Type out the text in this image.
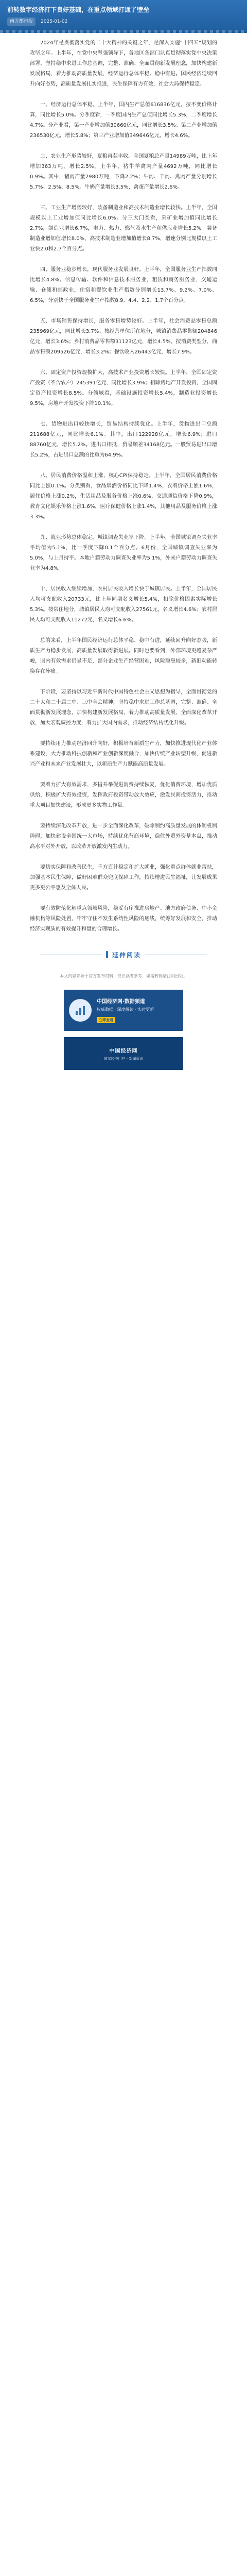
前转数字经济打下良好基础，在重点领域打通了壁垒
南方都市报	2025-01-02

2024年是贯彻落实党的二十大精神的关键之年，是深入实施“十四五”规划的攻坚之年。上半年，在党中央坚强领导下，各地区各部门认真贯彻落实党中央决策部署，坚持稳中求进工作总基调，完整、准确、全面贯彻新发展理念，加快构建新发展格局，着力推动高质量发展，经济运行总体平稳、稳中有进。国民经济延续回升向好态势，高质量发展扎实推进，民生保障有力有效，社会大局保持稳定。

一、经济运行总体平稳。上半年，国内生产总值616836亿元，按不变价格计算，同比增长5.0%。分季度看，一季度国内生产总值同比增长5.3%，二季度增长4.7%。分产业看，第一产业增加值30660亿元，同比增长3.5%；第二产业增加值236530亿元，增长5.8%；第三产业增加值349646亿元，增长4.6%。

二、农业生产形势较好，夏粮再获丰收。全国夏粮总产量14989万吨，比上年增加363万吨，增长2.5%。上半年，猪牛羊禽肉产量4692万吨，同比增长0.9%。其中，猪肉产量2980万吨，下降2.2%；牛肉、羊肉、禽肉产量分别增长5.7%、2.5%、8.5%。牛奶产量增长3.5%，禽蛋产量增长2.6%。

三、工业生产增势较好，装备制造业和高技术制造业增长较快。上半年，全国规模以上工业增加值同比增长6.0%。分三大门类看，采矿业增加值同比增长2.7%，制造业增长6.7%，电力、热力、燃气及水生产和供应业增长5.2%。装备制造业增加值增长8.0%，高技术制造业增加值增长8.7%，增速分别比规模以上工业快2.0和2.7个百分点。

四、服务业稳步增长，现代服务业发展良好。上半年，全国服务业生产指数同比增长4.8%。信息传输、软件和信息技术服务业，租赁和商务服务业，交通运输、仓储和邮政业，住宿和餐饮业生产指数分别增长13.7%、9.2%、7.0%、6.5%，分别快于全国服务业生产指数8.9、4.4、2.2、1.7个百分点。

五、市场销售保持增长，服务零售增势较好。上半年，社会消费品零售总额235969亿元，同比增长3.7%。按经营单位所在地分，城镇消费品零售额204846亿元，增长3.6%；乡村消费品零售额31123亿元，增长4.5%。按消费类型分，商品零售额209526亿元，增长3.2%；餐饮收入26443亿元，增长7.9%。

六、固定资产投资规模扩大，高技术产业投资增长较快。上半年，全国固定资产投资（不含农户）245391亿元，同比增长3.9%；扣除房地产开发投资，全国固定资产投资增长8.5%。分领域看，基础设施投资增长5.4%，制造业投资增长9.5%，房地产开发投资下降10.1%。

七、货物进出口较快增长，贸易结构持续优化。上半年，货物进出口总额211688亿元，同比增长6.1%。其中，出口122928亿元，增长6.9%；进口88760亿元，增长5.2%。进出口相抵，贸易顺差34168亿元。一般贸易进出口增长5.2%，占进出口总额的比重为64.9%。

八、居民消费价格温和上涨，核心CPI保持稳定。上半年，全国居民消费价格同比上涨0.1%。分类别看，食品烟酒价格同比下降1.4%，衣着价格上涨1.6%，居住价格上涨0.2%，生活用品及服务价格上涨0.6%，交通通信价格下降0.9%，教育文化娱乐价格上涨1.6%，医疗保健价格上涨1.4%，其他用品及服务价格上涨3.3%。

九、就业形势总体稳定，城镇调查失业率下降。上半年，全国城镇调查失业率平均值为5.1%，比一季度下降0.1个百分点。6月份，全国城镇调查失业率为5.0%，与上月持平。本地户籍劳动力调查失业率为5.1%，外来户籍劳动力调查失业率为4.8%。

十、居民收入继续增加，农村居民收入增长快于城镇居民。上半年，全国居民人均可支配收入20733元，比上年同期名义增长5.4%，扣除价格因素实际增长5.3%。按常住地分，城镇居民人均可支配收入27561元，名义增长4.6%；农村居民人均可支配收入11272元，名义增长6.6%。

总的来看，上半年国民经济运行总体平稳、稳中有进，延续回升向好态势，新质生产力稳步发展，高质量发展取得新进展。同时也要看到，外部环境更趋复杂严峻，国内有效需求仍显不足，部分企业生产经营困难，风险隐患较多，新旧动能转换存在阵痛。

下阶段，要坚持以习近平新时代中国特色社会主义思想为指导，全面贯彻党的二十大和二十届二中、三中全会精神，坚持稳中求进工作总基调，完整、准确、全面贯彻新发展理念，加快构建新发展格局，着力推动高质量发展，全面深化改革开放，加大宏观调控力度，着力扩大国内需求，推动经济结构优化升级。

要持续用力推动经济回升向好，积极培育新质生产力，加快推进现代化产业体系建设，大力推动科技创新和产业创新深度融合，加快传统产业转型升级，促进新兴产业和未来产业发展壮大，以新质生产力赋能高质量发展。

要着力扩大有效需求，多措并举促进消费持续恢复，优化消费环境，增加优质供给，积极扩大有效投资，发挥政府投资带动放大效应，激发民间投资活力，推动重大项目加快建设，形成更多实物工作量。

要持续深化改革开放，进一步全面深化改革，破除制约高质量发展的体制机制障碍，加快建设全国统一大市场，持续优化营商环境，稳住外贸外资基本盘，推动高水平对外开放，以改革开放激发内生动力。

要切实保障和改善民生，千方百计稳定和扩大就业，强化重点群体就业帮扶，加强基本民生保障，做好困难群众兜底保障工作，持续增进民生福祉，让发展成果更多更公平惠及全体人民。

要有效防范化解重点领域风险，稳妥有序推进房地产、地方政府债务、中小金融机构等风险处置，牢牢守住不发生系统性风险的底线，统筹好发展和安全，推动经济实现质的有效提升和量的合理增长。

延伸阅读
本文内容来源于官方发布资料，仅供读者参考，如需转载请注明出处。
中国经济网·数据频道
权威数据 · 深度解读 · 实时更新
立即查看
中国经济网
国家经济门户 · 新闻资讯
